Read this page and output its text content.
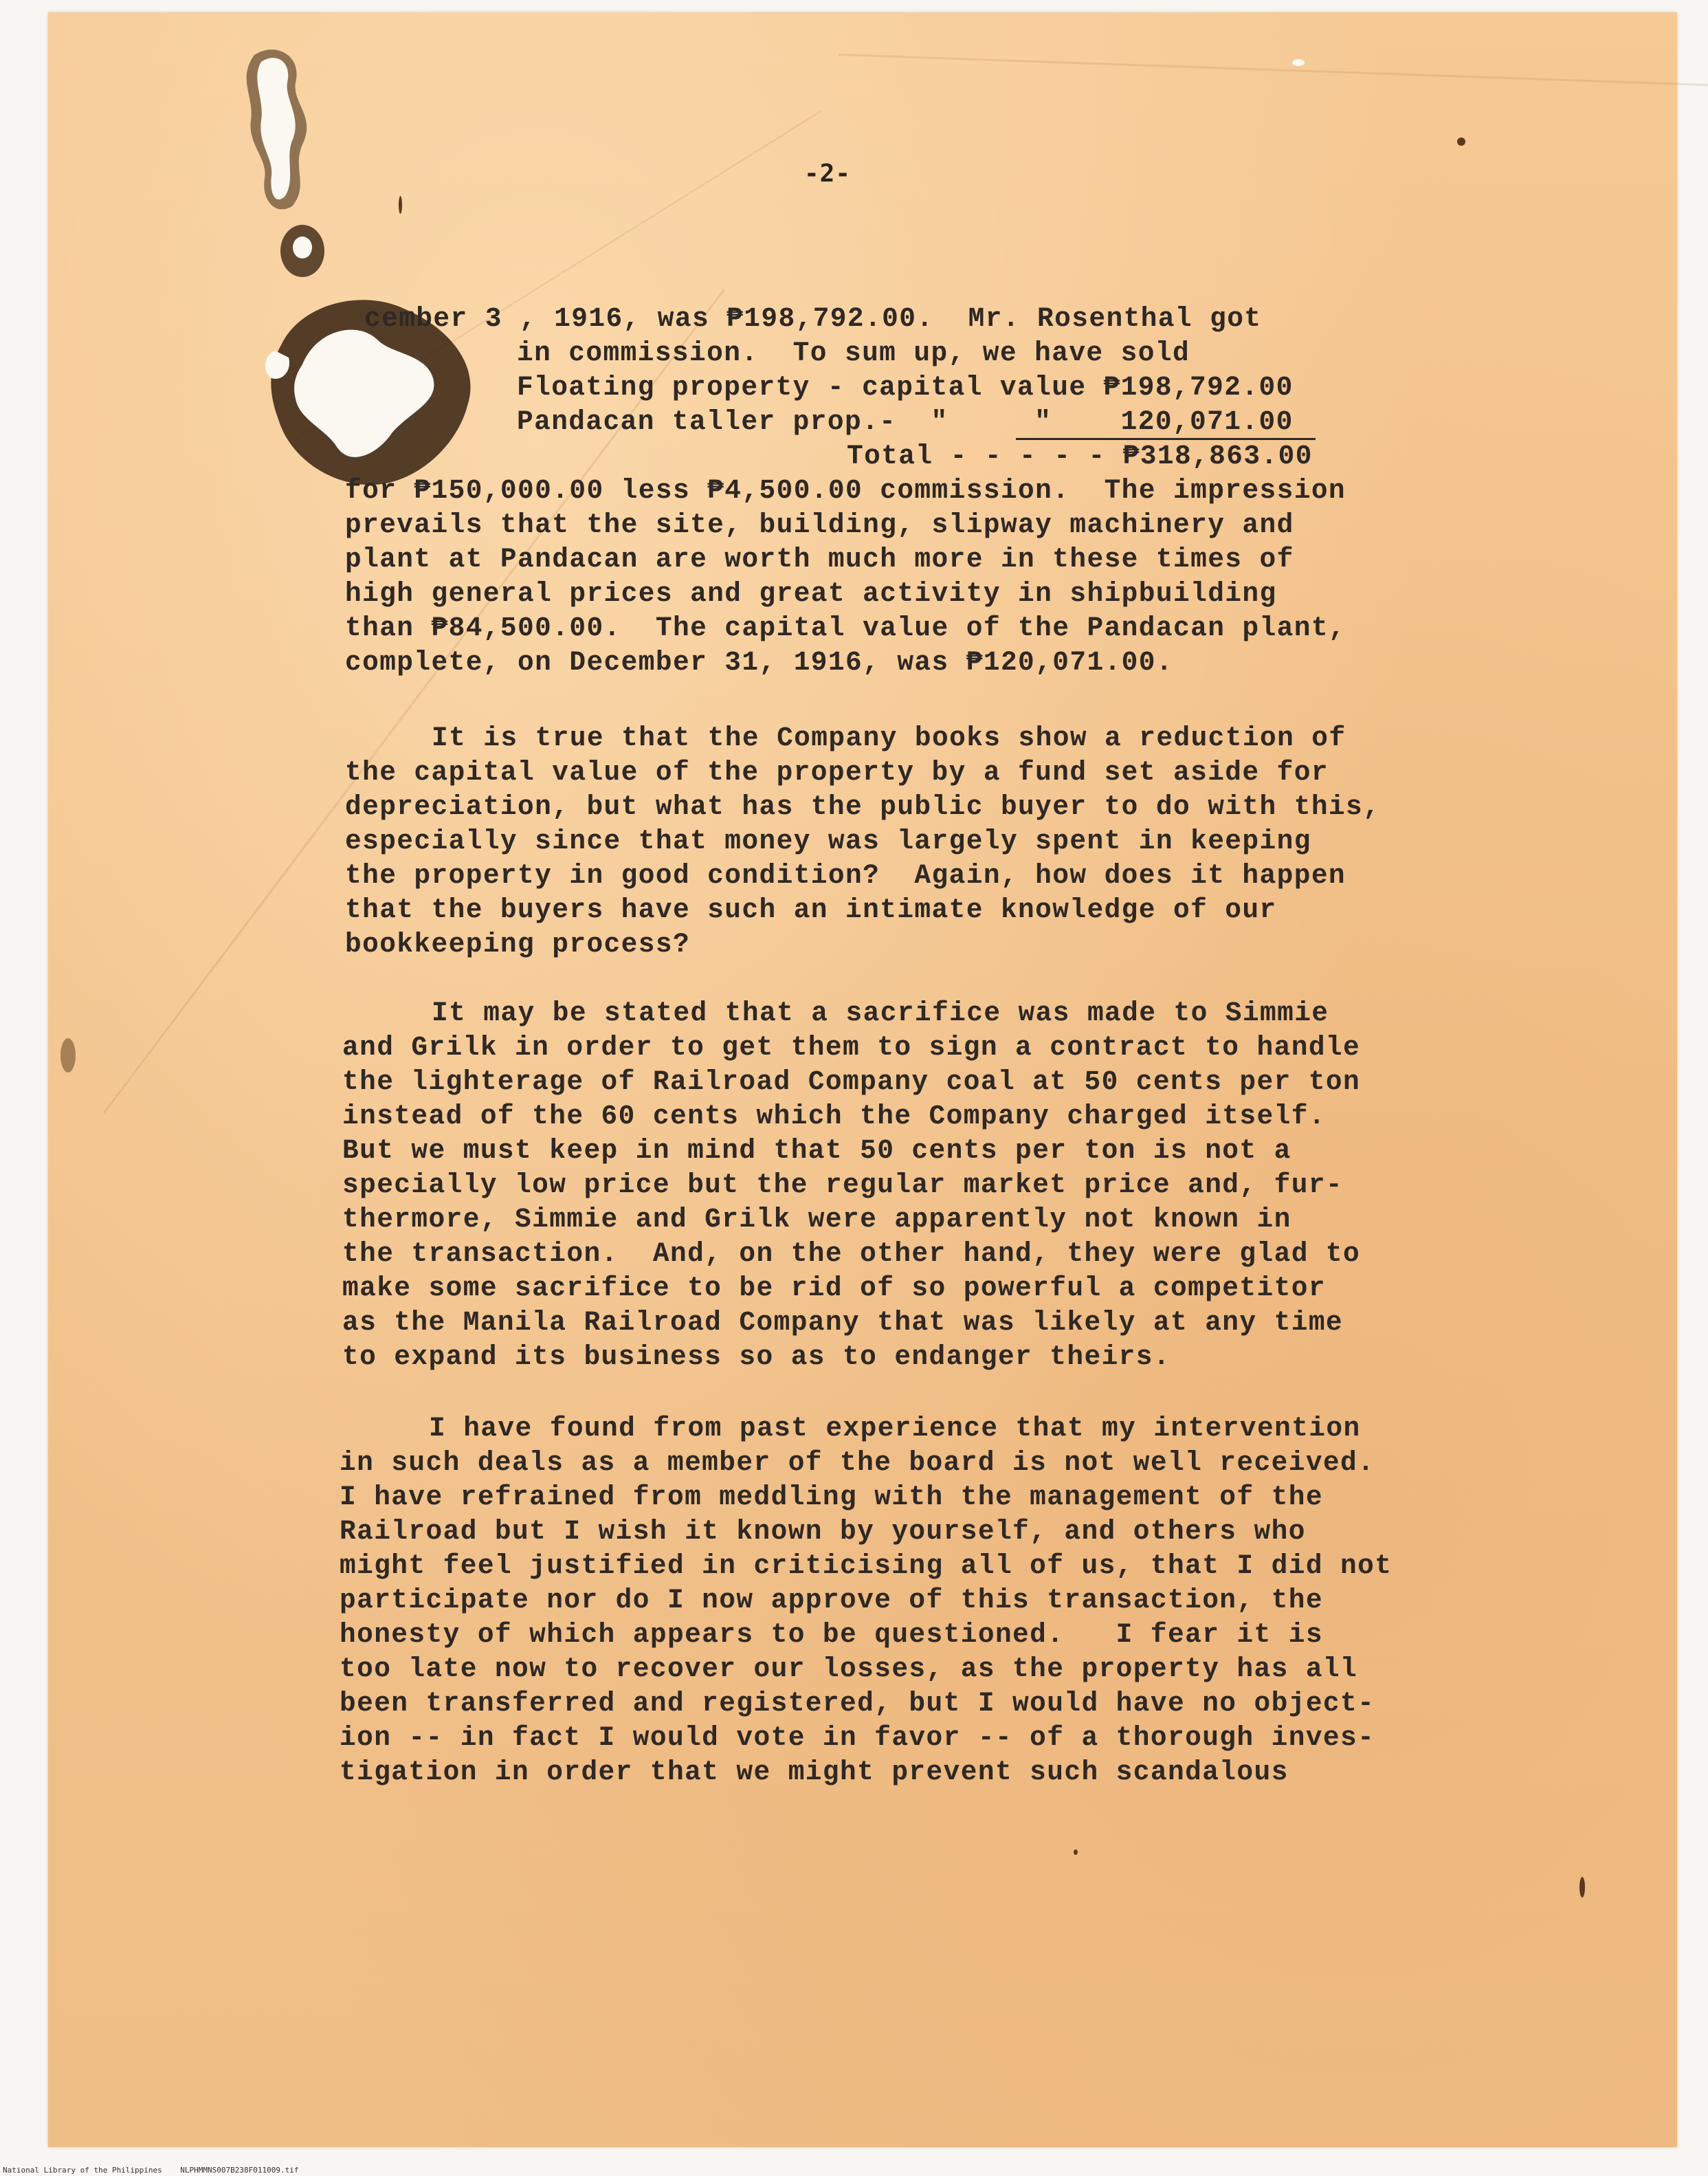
-2-
cember 3 , 1916, was ₱198,792.00.  Mr. Rosenthal got
in commission.  To sum up, we have sold
Floating property - capital value ₱198,792.00
Pandacan taller prop.-  "     "    120,071.00
Total - - - - - ₱318,863.00
for ₱150,000.00 less ₱4,500.00 commission.  The impression
prevails that the site, building, slipway machinery and
plant at Pandacan are worth much more in these times of
high general prices and great activity in shipbuilding
than ₱84,500.00.  The capital value of the Pandacan plant,
complete, on December 31, 1916, was ₱120,071.00.
It is true that the Company books show a reduction of
the capital value of the property by a fund set aside for
depreciation, but what has the public buyer to do with this,
especially since that money was largely spent in keeping
the property in good condition?  Again, how does it happen
that the buyers have such an intimate knowledge of our
bookkeeping process?
It may be stated that a sacrifice was made to Simmie
and Grilk in order to get them to sign a contract to handle
the lighterage of Railroad Company coal at 50 cents per ton
instead of the 60 cents which the Company charged itself.
But we must keep in mind that 50 cents per ton is not a
specially low price but the regular market price and, fur-
thermore, Simmie and Grilk were apparently not known in
the transaction.  And, on the other hand, they were glad to
make some sacrifice to be rid of so powerful a competitor
as the Manila Railroad Company that was likely at any time
to expand its business so as to endanger theirs.
I have found from past experience that my intervention
in such deals as a member of the board is not well received.
I have refrained from meddling with the management of the
Railroad but I wish it known by yourself, and others who
might feel justified in criticising all of us, that I did not
participate nor do I now approve of this transaction, the
honesty of which appears to be questioned.   I fear it is
too late now to recover our losses, as the property has all
been transferred and registered, but I would have no object-
ion -- in fact I would vote in favor -- of a thorough inves-
tigation in order that we might prevent such scandalous
National Library of the Philippines    NLPHMMNS007B238F011009.tif
